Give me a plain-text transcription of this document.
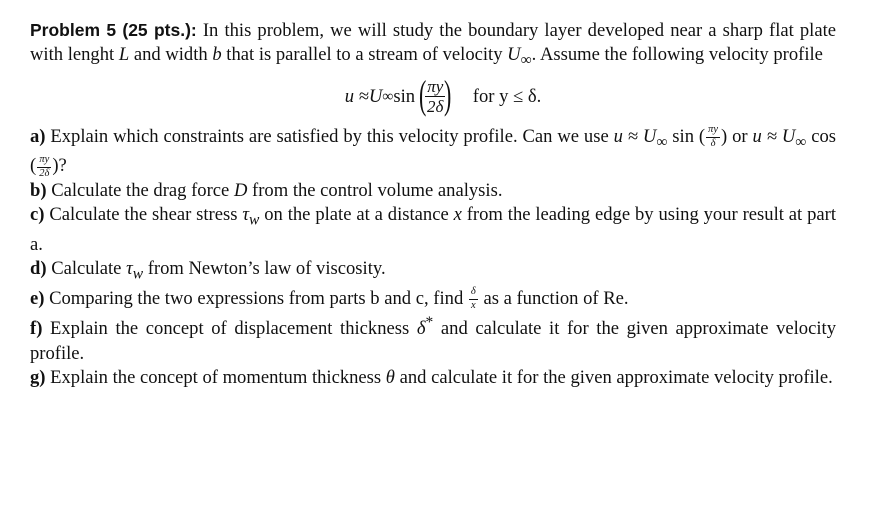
Problem 5 (25 pts.): In this problem, we will study the boundary layer developed near a sharp flat plate with lenght L and width b that is parallel to a stream of velocity $U_\infty$. Assume the following velocity profile

u ≈ U ∞ sin
(
$\frac{\pi y}{2\delta}$
) for y ≤ δ.

a) Explain which constraints are satisfied by this velocity profile. Can we use $u \approx U_\infty$ sin ( $\frac{\pi y}{\delta}$ ) or $u \approx U_\infty$ cos ( $\frac{\pi y}{2\delta}$ )?

b) Calculate the drag force D from the control volume analysis.

c) Calculate the shear stress $\tau_w$ on the plate at a distance x from the leading edge by using your result at part a.

d) Calculate $\tau_w$ from Newton’s law of viscosity.

e) Comparing the two expressions from parts b and c, find $\frac{\delta}{x}$ as a function of Re.

f) Explain the concept of displacement thickness δ* and calculate it for the given approximate velocity profile.

g) Explain the concept of momentum thickness θ and calculate it for the given approximate velocity profile.
